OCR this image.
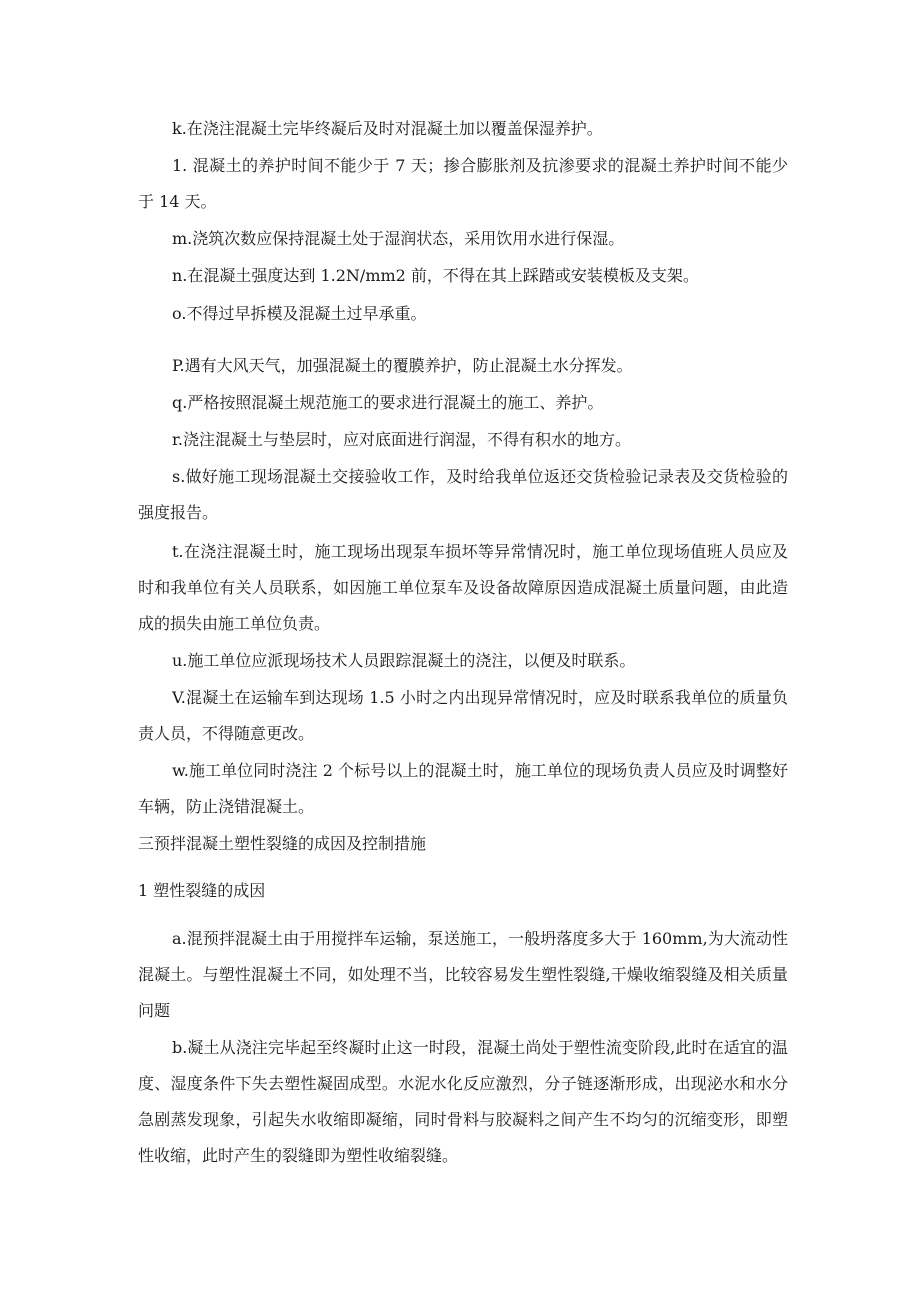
k.在浇注混凝土完毕终凝后及时对混凝土加以覆盖保湿养护。

1. 混凝土的养护时间不能少于 7 天；掺合膨胀剂及抗渗要求的混凝土养护时间不能少于 14 天。

m.浇筑次数应保持混凝土处于湿润状态，采用饮用水进行保湿。

n.在混凝土强度达到 1.2N/mm2 前，不得在其上踩踏或安装模板及支架。

o.不得过早拆模及混凝土过早承重。

P.遇有大风天气，加强混凝土的覆膜养护，防止混凝土水分挥发。

q.严格按照混凝土规范施工的要求进行混凝土的施工、养护。

r.浇注混凝土与垫层时，应对底面进行润湿，不得有积水的地方。

s.做好施工现场混凝土交接验收工作，及时给我单位返还交货检验记录表及交货检验的强度报告。

t.在浇注混凝土时，施工现场出现泵车损坏等异常情况时，施工单位现场值班人员应及时和我单位有关人员联系，如因施工单位泵车及设备故障原因造成混凝土质量问题，由此造成的损失由施工单位负责。

u.施工单位应派现场技术人员跟踪混凝土的浇注，以便及时联系。

V.混凝土在运输车到达现场 1.5 小时之内出现异常情况时，应及时联系我单位的质量负责人员，不得随意更改。

w.施工单位同时浇注 2 个标号以上的混凝土时，施工单位的现场负责人员应及时调整好车辆，防止浇错混凝土。

三预拌混凝土塑性裂缝的成因及控制措施

1 塑性裂缝的成因

a.混预拌混凝土由于用搅拌车运输，泵送施工，一般坍落度多大于 160mm,为大流动性混凝土。与塑性混凝土不同，如处理不当，比较容易发生塑性裂缝,干燥收缩裂缝及相关质量问题

b.凝土从浇注完毕起至终凝时止这一时段，混凝土尚处于塑性流变阶段,此时在适宜的温度、湿度条件下失去塑性凝固成型。水泥水化反应激烈，分子链逐渐形成，出现泌水和水分急剧蒸发现象，引起失水收缩即凝缩，同时骨料与胶凝料之间产生不均匀的沉缩变形，即塑性收缩，此时产生的裂缝即为塑性收缩裂缝。
